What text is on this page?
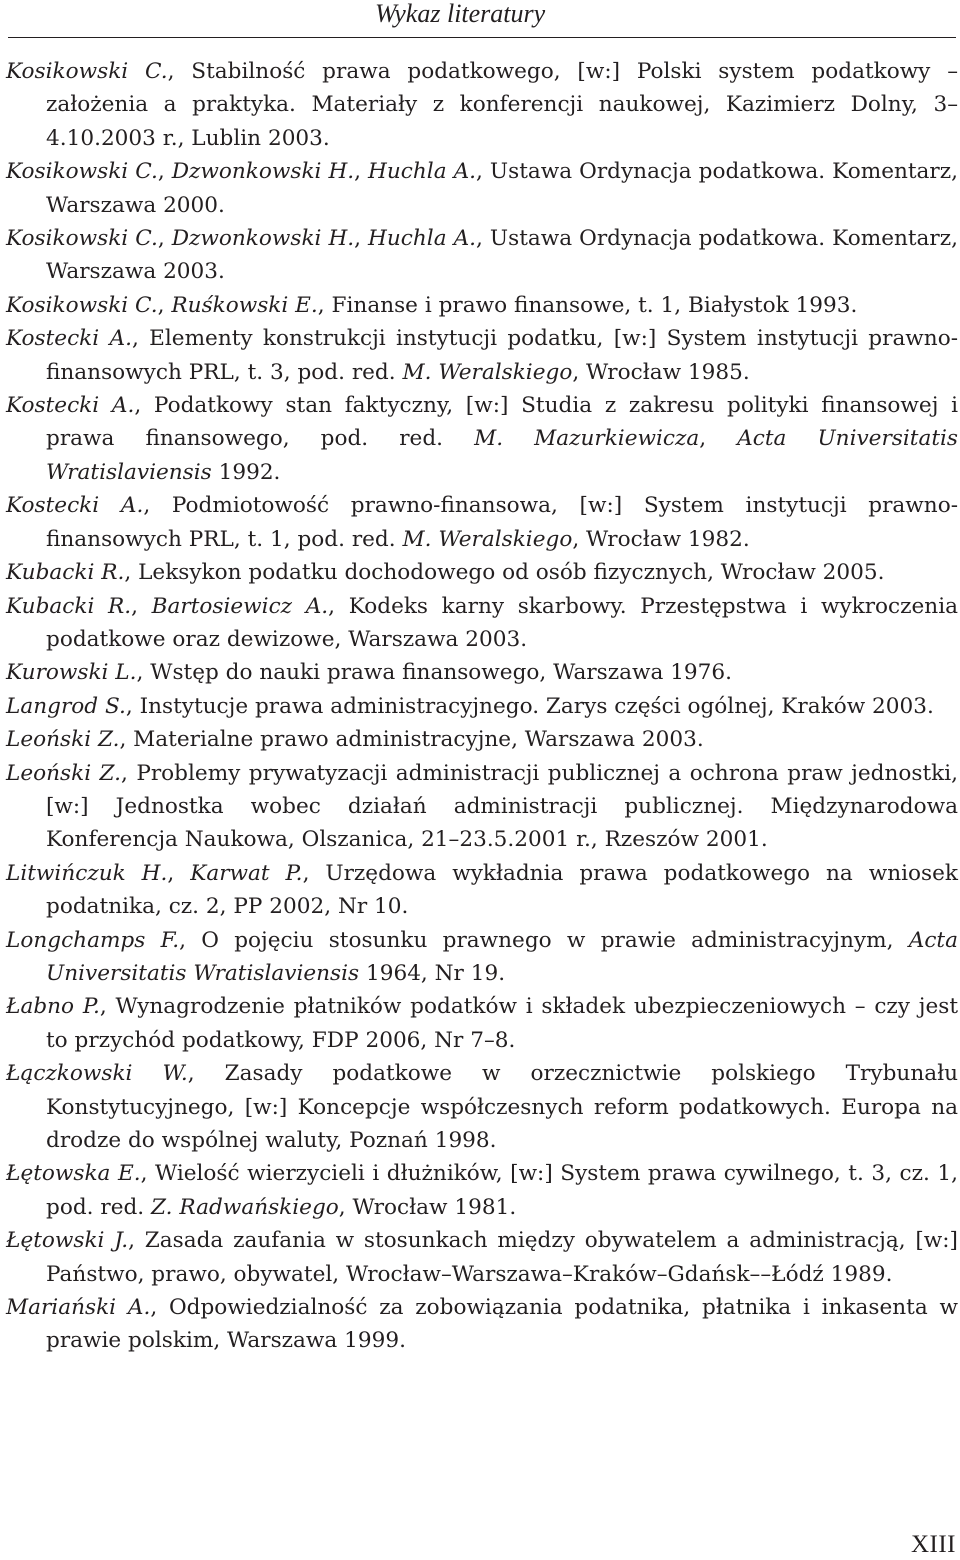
Wykaz literatury
Kosikowski C., Stabilność prawa podatkowego, [w:] Polski system podatkowy – założenia a praktyka. Materiały z konferencji naukowej, Kazimierz Dolny, 3–4.10.2003 r., Lublin 2003.
Kosikowski C., Dzwonkowski H., Huchla A., Ustawa Ordynacja podatkowa. Komentarz, Warszawa 2000.
Kosikowski C., Dzwonkowski H., Huchla A., Ustawa Ordynacja podatkowa. Komentarz, Warszawa 2003.
Kosikowski C., Ruśkowski E., Finanse i prawo finansowe, t. 1, Białystok 1993.
Kostecki A., Elementy konstrukcji instytucji podatku, [w:] System instytucji prawno-finansowych PRL, t. 3, pod. red. M. Weralskiego, Wrocław 1985.
Kostecki A., Podatkowy stan faktyczny, [w:] Studia z zakresu polityki finansowej i prawa finansowego, pod. red. M. Mazurkiewicza, Acta Universitatis Wratislaviensis 1992.
Kostecki A., Podmiotowość prawno-finansowa, [w:] System instytucji prawno-finansowych PRL, t. 1, pod. red. M. Weralskiego, Wrocław 1982.
Kubacki R., Leksykon podatku dochodowego od osób fizycznych, Wrocław 2005.
Kubacki R., Bartosiewicz A., Kodeks karny skarbowy. Przestępstwa i wykroczenia podatkowe oraz dewizowe, Warszawa 2003.
Kurowski L., Wstęp do nauki prawa finansowego, Warszawa 1976.
Langrod S., Instytucje prawa administracyjnego. Zarys części ogólnej, Kraków 2003.
Leoński Z., Materialne prawo administracyjne, Warszawa 2003.
Leoński Z., Problemy prywatyzacji administracji publicznej a ochrona praw jednostki, [w:] Jednostka wobec działań administracji publicznej. Międzynarodowa Konferencja Naukowa, Olszanica, 21–23.5.2001 r., Rzeszów 2001.
Litwińczuk H., Karwat P., Urzędowa wykładnia prawa podatkowego na wniosek podatnika, cz. 2, PP 2002, Nr 10.
Longchamps F., O pojęciu stosunku prawnego w prawie administracyjnym, Acta Universitatis Wratislaviensis 1964, Nr 19.
Łabno P., Wynagrodzenie płatników podatków i składek ubezpieczeniowych – czy jest to przychód podatkowy, FDP 2006, Nr 7–8.
Łączkowski W., Zasady podatkowe w orzecznictwie polskiego Trybunału Konstytucyjnego, [w:] Koncepcje współczesnych reform podatkowych. Europa na drodze do wspólnej waluty, Poznań 1998.
Łętowska E., Wielość wierzycieli i dłużników, [w:] System prawa cywilnego, t. 3, cz. 1, pod. red. Z. Radwańskiego, Wrocław 1981.
Łętowski J., Zasada zaufania w stosunkach między obywatelem a administracją, [w:] Państwo, prawo, obywatel, Wrocław–Warszawa–Kraków–Gdańsk––Łódź 1989.
Mariański A., Odpowiedzialność za zobowiązania podatnika, płatnika i inkasenta w prawie polskim, Warszawa 1999.
XIII
